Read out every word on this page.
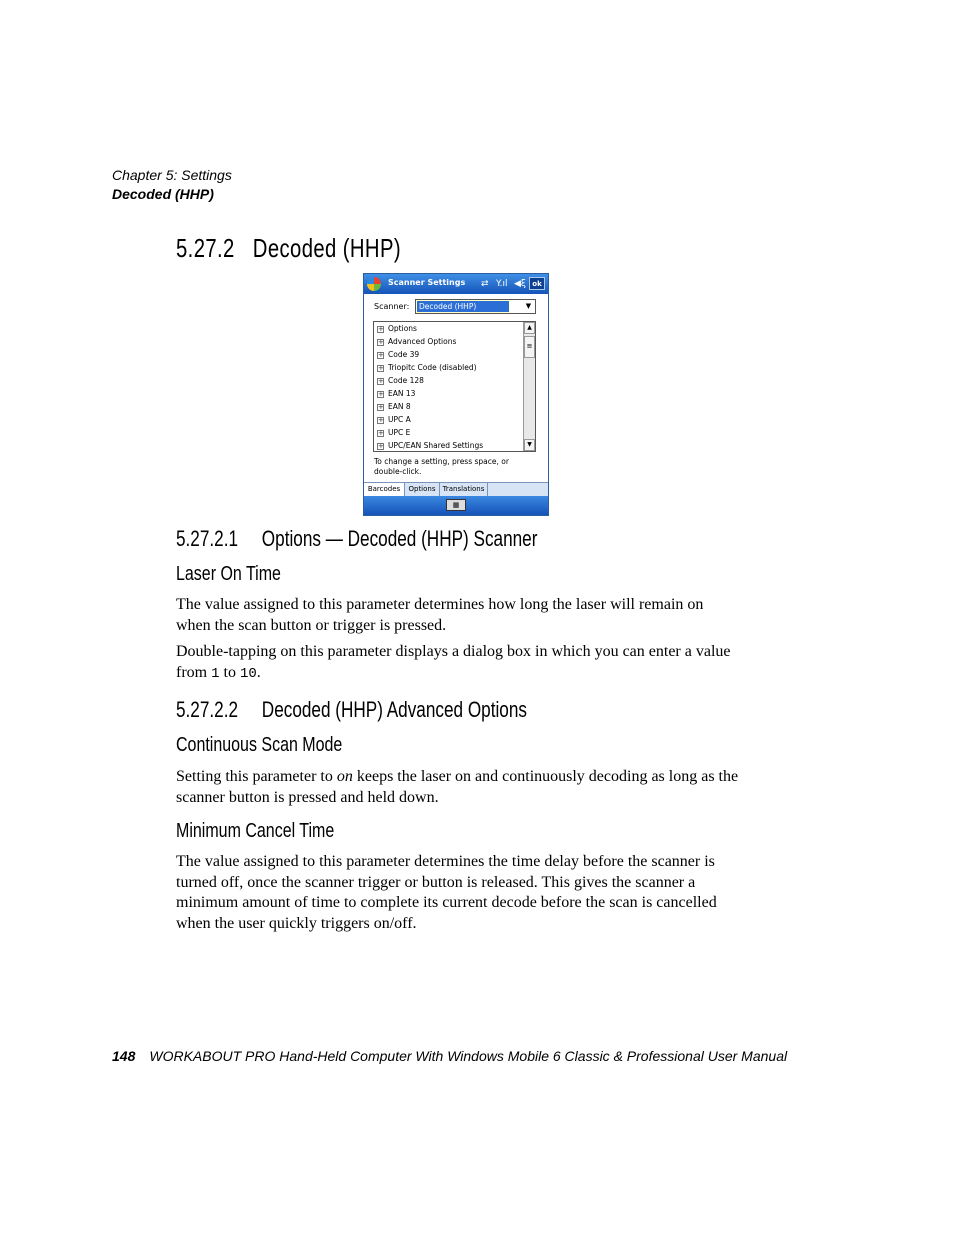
Chapter 5: Settings
Decoded (HHP)
5.27.2 Decoded (HHP)
Scanner Settings ⇄ Y.ıl ◀ξ ok
Scanner: Decoded (HHP)	▼
+ Options
+ Advanced Options
+ Code 39
+ Triopitc Code (disabled)
+ Code 128
+ EAN 13
+ EAN 8
+ UPC A
+ UPC E
+ UPC/EAN Shared Settings
▲
≡
▼
To change a setting, press space, or double-click.
Barcodes	Options	Translations
▦
5.27.2.1 Options — Decoded (HHP) Scanner
Laser On Time
The value assigned to this parameter determines how long the laser will remain on when the scan button or trigger is pressed.
Double-tapping on this parameter displays a dialog box in which you can enter a value from 1 to 10.
5.27.2.2 Decoded (HHP) Advanced Options
Continuous Scan Mode
Setting this parameter to on keeps the laser on and continuously decoding as long as the scanner button is pressed and held down.
Minimum Cancel Time
The value assigned to this parameter determines the time delay before the scanner is turned off, once the scanner trigger or button is released. This gives the scanner a minimum amount of time to complete its current decode before the scan is cancelled when the user quickly triggers on/off.
148 WORKABOUT PRO Hand-Held Computer With Windows Mobile 6 Classic & Professional User Manual
